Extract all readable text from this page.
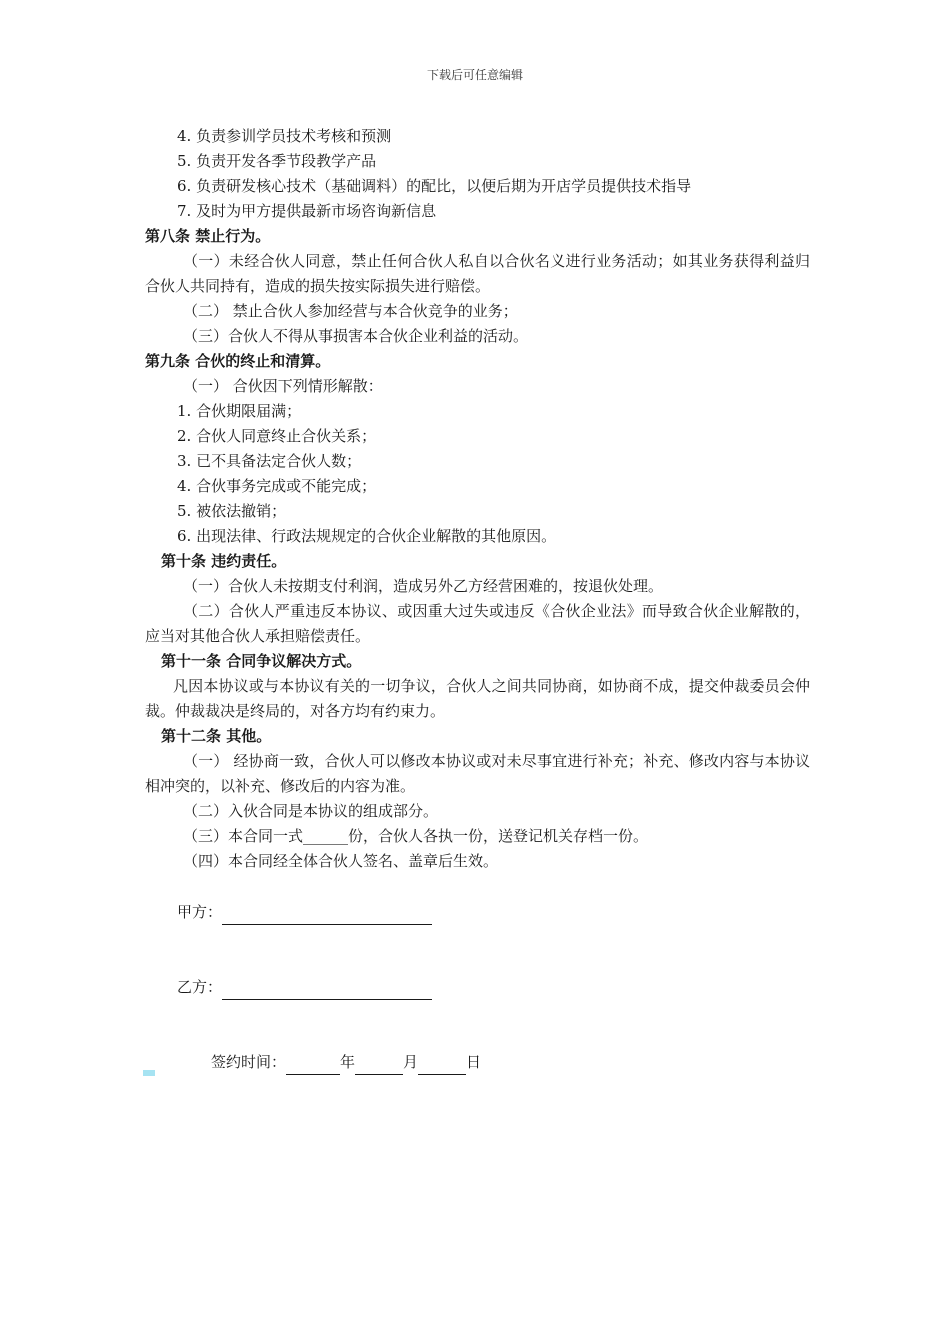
下载后可任意编辑
4. 负责参训学员技术考核和预测
5. 负责开发各季节段教学产品
6. 负责研发核心技术（基础调料）的配比，以便后期为开店学员提供技术指导
7. 及时为甲方提供最新市场咨询新信息
第八条 禁止行为。
（一）未经合伙人同意，禁止任何合伙人私自以合伙名义进行业务活动；如其业务获得利益归合伙人共同持有，造成的损失按实际损失进行赔偿。
（二） 禁止合伙人参加经营与本合伙竞争的业务；
（三）合伙人不得从事损害本合伙企业利益的活动。
第九条 合伙的终止和清算。
（一） 合伙因下列情形解散：
1. 合伙期限届满；
2. 合伙人同意终止合伙关系；
3. 已不具备法定合伙人数；
4. 合伙事务完成或不能完成；
5. 被依法撤销；
6. 出现法律、行政法规规定的合伙企业解散的其他原因。
第十条 违约责任。
（一）合伙人未按期支付利润，造成另外乙方经营困难的，按退伙处理。
（二）合伙人严重违反本协议、或因重大过失或违反《合伙企业法》而导致合伙企业解散的，应当对其他合伙人承担赔偿责任。
第十一条 合同争议解决方式。
凡因本协议或与本协议有关的一切争议，合伙人之间共同协商，如协商不成，提交仲裁委员会仲裁。仲裁裁决是终局的，对各方均有约束力。
第十二条 其他。
（一） 经协商一致，合伙人可以修改本协议或对未尽事宜进行补充；补充、修改内容与本协议相冲突的，以补充、修改后的内容为准。
（二）入伙合同是本协议的组成部分。
（三）本合同一式______份，合伙人各执一份，送登记机关存档一份。
（四）本合同经全体合伙人签名、盖章后生效。
甲方：
乙方：
签约时间：	年	月	日
